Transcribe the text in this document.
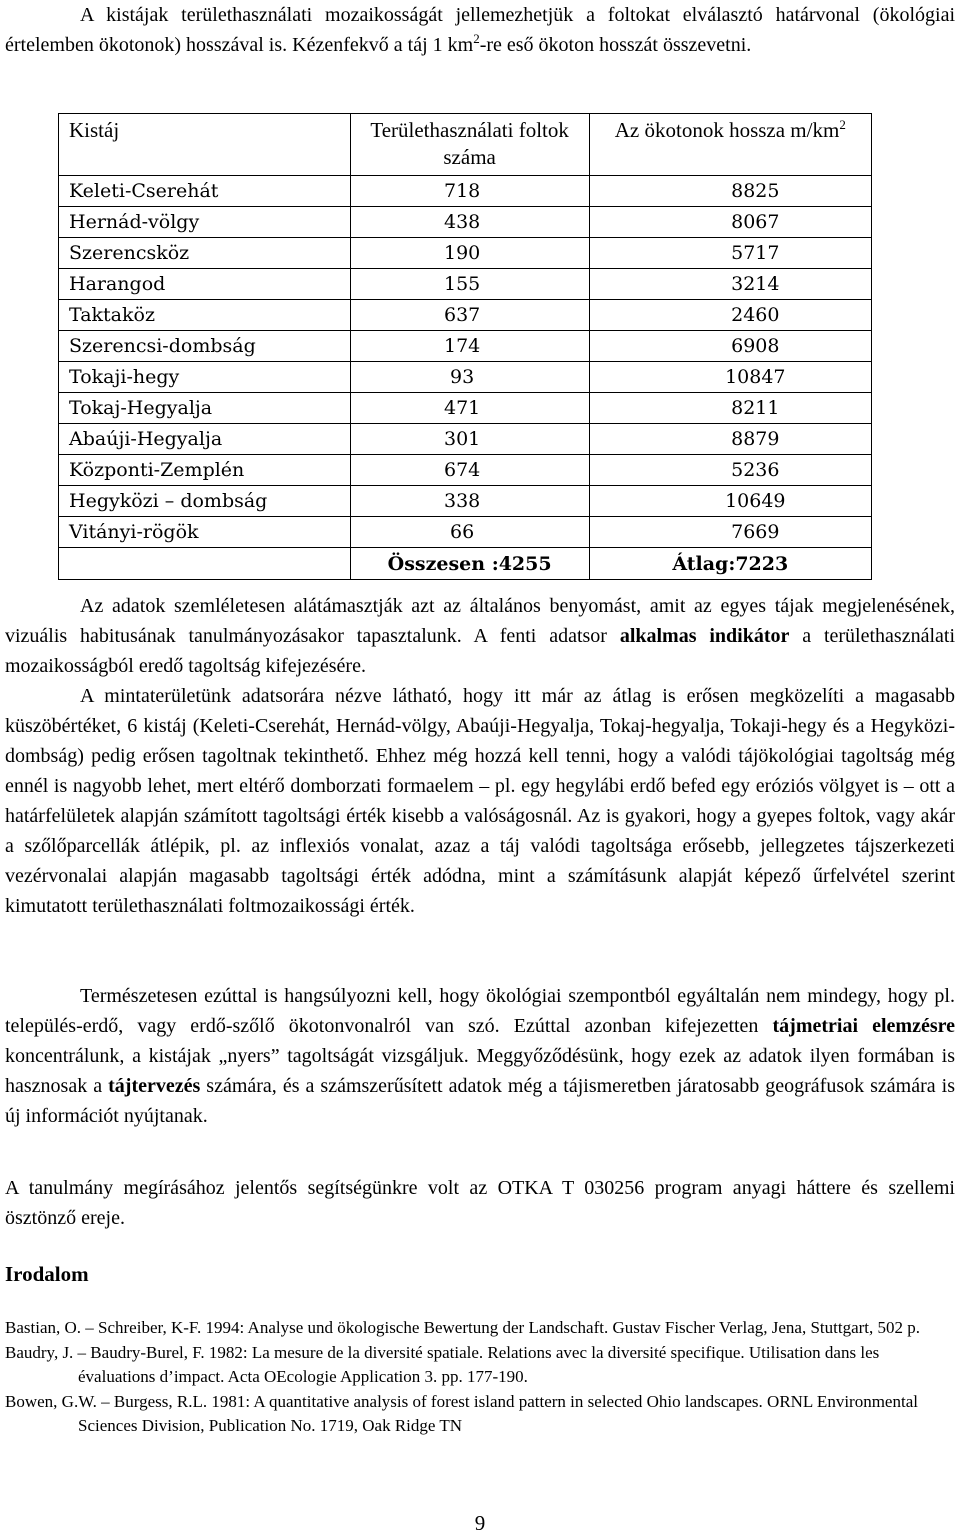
A kistájak területhasználati mozaikosságát jellemezhetjük a foltokat elválasztó határvonal (ökológiai értelemben ökotonok) hosszával is. Kézenfekvő a táj 1 $km^2-re$ eső ökoton hosszát összevetni.

Kistáj	Területhasználati foltok száma	Az ökotonok hossza $m/km^2$
Keleti-Cserehát	718	8825
Hernád-völgy	438	8067
Szerencsköz	190	5717
Harangod	155	3214
Taktaköz	637	2460
Szerencsi-dombság	174	6908
Tokaji-hegy	93	10847
Tokaj-Hegyalja	471	8211
Abaúji-Hegyalja	301	8879
Központi-Zemplén	674	5236
Hegyközi – dombság	338	10649
Vitányi-rögök	66	7669
	Összesen :4255	Átlag:7223

Az adatok szemléletesen alátámasztják azt az általános benyomást, amit az egyes tájak megjelenésének, vizuális habitusának tanulmányozásakor tapasztalunk. A fenti adatsor alkalmas indikátor a területhasználati mozaikosságból eredő tagoltság kifejezésére.

A mintaterületünk adatsorára nézve látható, hogy itt már az átlag is erősen megközelíti a magasabb küszöbértéket, 6 kistáj (Keleti-Cserehát, Hernád-völgy, Abaúji-Hegyalja, Tokaj-hegyalja, Tokaji-hegy és a Hegyközi-dombság) pedig erősen tagoltnak tekinthető. Ehhez még hozzá kell tenni, hogy a valódi tájökológiai tagoltság még ennél is nagyobb lehet, mert eltérő domborzati formaelem – pl. egy hegylábi erdő befed egy eróziós völgyet is – ott a határfelületek alapján számított tagoltsági érték kisebb a valóságosnál. Az is gyakori, hogy a gyepes foltok, vagy akár a szőlőparcellák átlépik, pl. az inflexiós vonalat, azaz a táj valódi tagoltsága erősebb, jellegzetes tájszerkezeti vezérvonalai alapján magasabb tagoltsági érték adódna, mint a számításunk alapját képező űrfelvétel szerint kimutatott területhasználati foltmozaikossági érték.

Természetesen ezúttal is hangsúlyozni kell, hogy ökológiai szempontból egyáltalán nem mindegy, hogy pl. település-erdő, vagy erdő-szőlő ökotonvonalról van szó. Ezúttal azonban kifejezetten tájmetriai elemzésre koncentrálunk, a kistájak „nyers” tagoltságát vizsgáljuk. Meggyőződésünk, hogy ezek az adatok ilyen formában is hasznosak a tájtervezés számára, és a számszerűsített adatok még a tájismeretben járatosabb geográfusok számára is új információt nyújtanak.

A tanulmány megírásához jelentős segítségünkre volt az OTKA T 030256 program anyagi háttere és szellemi ösztönző ereje.

Irodalom
Bastian, O. – Schreiber, K-F. 1994: Analyse und ökologische Bewertung der Landschaft. Gustav Fischer Verlag, Jena, Stuttgart, 502 p.
Baudry, J. – Baudry-Burel, F. 1982: La mesure de la diversité spatiale. Relations avec la diversité specifique. Utilisation dans les évaluations d’impact. Acta OEcologie Application 3. pp. 177-190.
Bowen, G.W. – Burgess, R.L. 1981: A quantitative analysis of forest island pattern in selected Ohio landscapes. ORNL Environmental Sciences Division, Publication No. 1719, Oak Ridge TN
9
